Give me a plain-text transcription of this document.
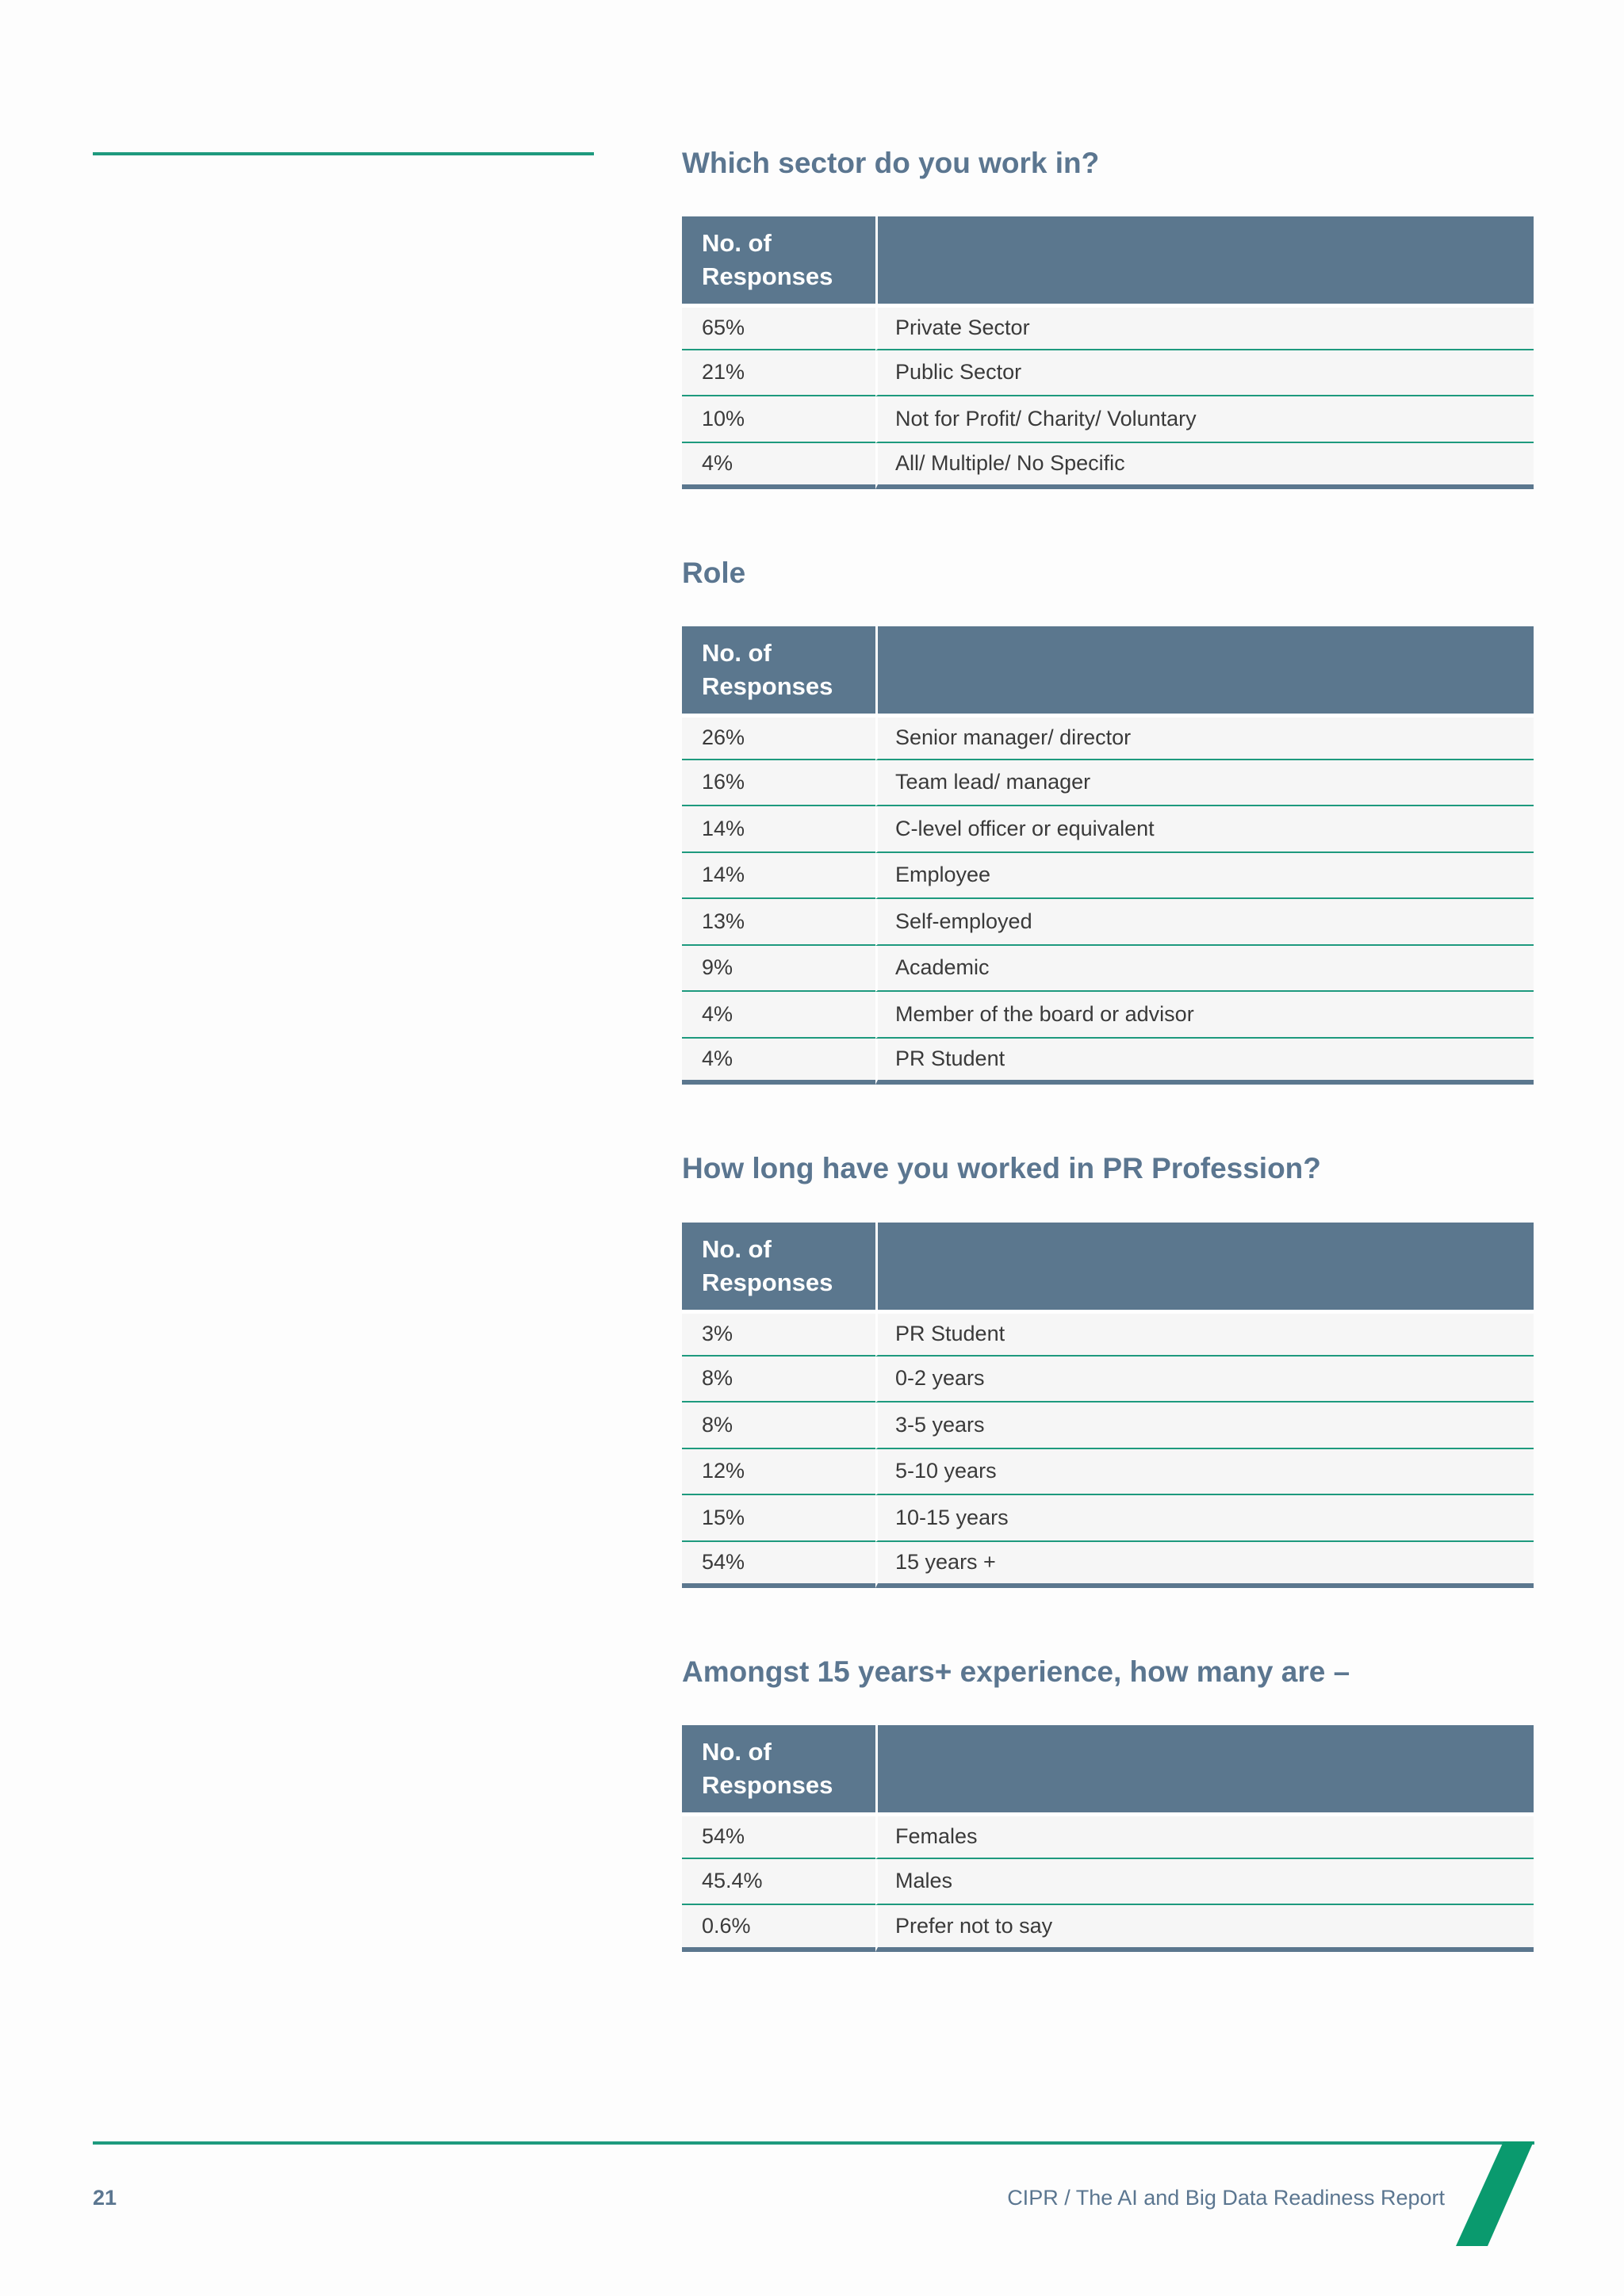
Which sector do you work in?
No. of Responses	
65%	Private Sector
21%	Public Sector
10%	Not for Profit/ Charity/ Voluntary
4%	All/ Multiple/ No Specific
Role
No. of Responses	
26%	Senior manager/ director
16%	Team lead/ manager
14%	C-level officer or equivalent
14%	Employee
13%	Self-employed
9%	Academic
4%	Member of the board or advisor
4%	PR Student
How long have you worked in PR Profession?
No. of Responses	
3%	PR Student
8%	0-2 years
8%	3-5 years
12%	5-10 years
15%	10-15 years
54%	15 years +
Amongst 15 years+ experience, how many are –
No. of Responses	
54%	Females
45.4%	Males
0.6%	Prefer not to say
21	CIPR / The AI and Big Data Readiness Report
